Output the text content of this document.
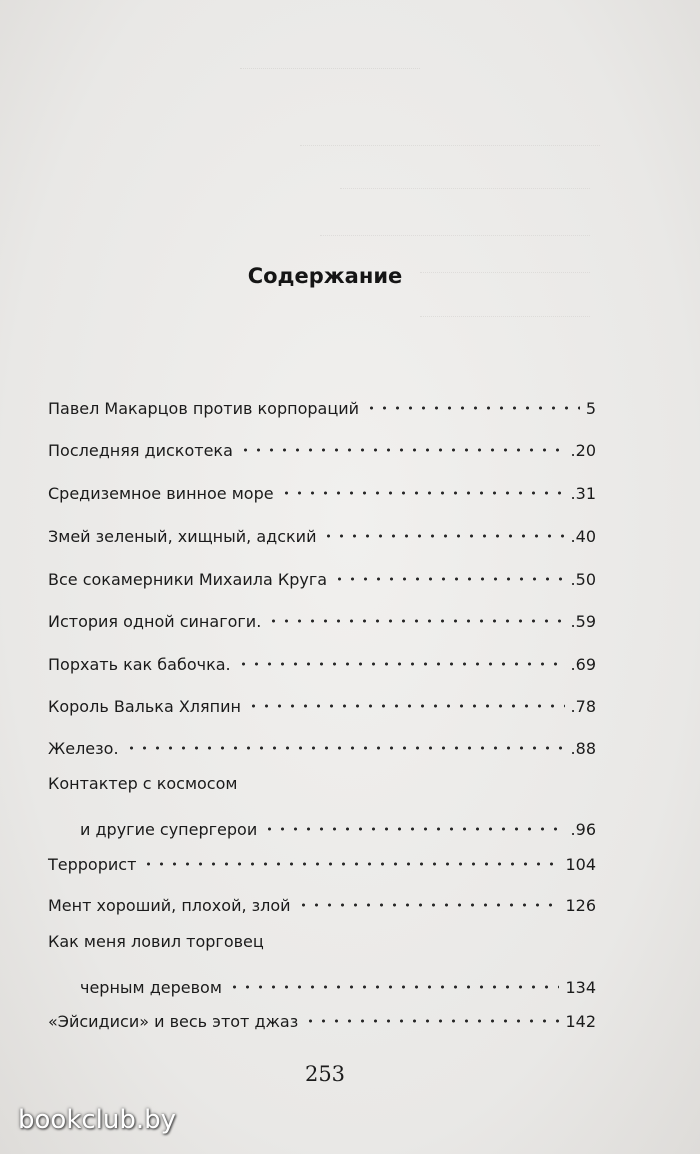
Содержание
Павел Макарцов против корпораций	5
Последняя дискотека	.20
Средиземное винное море	.31
Змей зеленый, хищный, адский	.40
Все сокамерники Михаила Круга	.50
История одной синагоги.	.59
Порхать как бабочка.	.69
Король Валька Хляпин	.78
Железо.	.88
Контактер с космосом
и другие супергерои	.96
Террорист	104
Мент хороший, плохой, злой	126
Как меня ловил торговец
черным деревом	134
«Эйсидиси» и весь этот джаз	142
253
bookclub.by
